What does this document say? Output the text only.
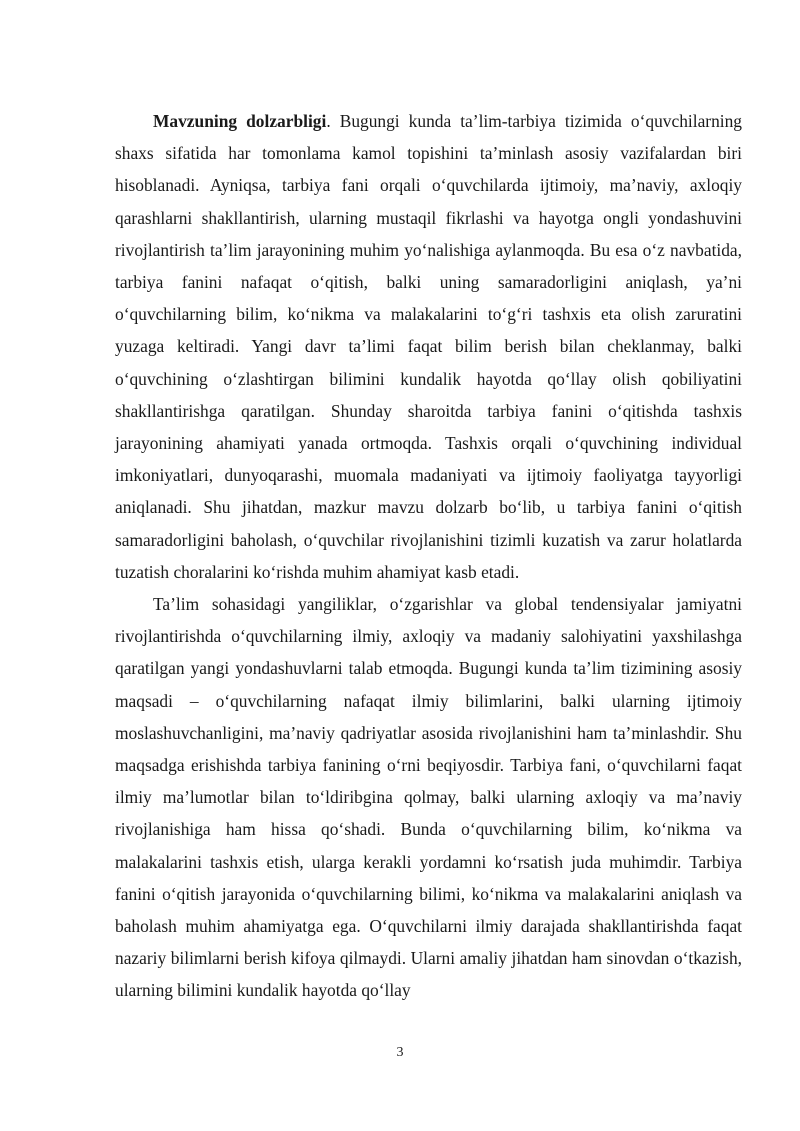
Mavzuning dolzarbligi. Bugungi kunda ta’lim-tarbiya tizimida o‘quvchilarning shaxs sifatida har tomonlama kamol topishini ta’minlash asosiy vazifalardan biri hisoblanadi. Ayniqsa, tarbiya fani orqali o‘quvchilarda ijtimoiy, ma’naviy, axloqiy qarashlarni shakllantirish, ularning mustaqil fikrlashi va hayotga ongli yondashuvini rivojlantirish ta’lim jarayonining muhim yo‘nalishiga aylanmoqda. Bu esa o‘z navbatida, tarbiya fanini nafaqat o‘qitish, balki uning samaradorligini aniqlash, ya’ni o‘quvchilarning bilim, ko‘nikma va malakalarini to‘g‘ri tashxis eta olish zaruratini yuzaga keltiradi. Yangi davr ta’limi faqat bilim berish bilan cheklanmay, balki o‘quvchining o‘zlashtirgan bilimini kundalik hayotda qo‘llay olish qobiliyatini shakllantirishga qaratilgan. Shunday sharoitda tarbiya fanini o‘qitishda tashxis jarayonining ahamiyati yanada ortmoqda. Tashxis orqali o‘quvchining individual imkoniyatlari, dunyoqarashi, muomala madaniyati va ijtimoiy faoliyatga tayyorligi aniqlanadi. Shu jihatdan, mazkur mavzu dolzarb bo‘lib, u tarbiya fanini o‘qitish samaradorligini baholash, o‘quvchilar rivojlanishini tizimli kuzatish va zarur holatlarda tuzatish choralarini ko‘rishda muhim ahamiyat kasb etadi.

Ta’lim sohasidagi yangiliklar, o‘zgarishlar va global tendensiyalar jamiyatni rivojlantirishda o‘quvchilarning ilmiy, axloqiy va madaniy salohiyatini yaxshilashga qaratilgan yangi yondashuvlarni talab etmoqda. Bugungi kunda ta’lim tizimining asosiy maqsadi – o‘quvchilarning nafaqat ilmiy bilimlarini, balki ularning ijtimoiy moslashuvchanligini, ma’naviy qadriyatlar asosida rivojlanishini ham ta’minlashdir. Shu maqsadga erishishda tarbiya fanining o‘rni beqiyosdir. Tarbiya fani, o‘quvchilarni faqat ilmiy ma’lumotlar bilan to‘ldiribgina qolmay, balki ularning axloqiy va ma’naviy rivojlanishiga ham hissa qo‘shadi. Bunda o‘quvchilarning bilim, ko‘nikma va malakalarini tashxis etish, ularga kerakli yordamni ko‘rsatish juda muhimdir. Tarbiya fanini o‘qitish jarayonida o‘quvchilarning bilimi, ko‘nikma va malakalarini aniqlash va baholash muhim ahamiyatga ega. O‘quvchilarni ilmiy darajada shakllantirishda faqat nazariy bilimlarni berish kifoya qilmaydi. Ularni amaliy jihatdan ham sinovdan o‘tkazish, ularning bilimini kundalik hayotda qo‘llay

3
